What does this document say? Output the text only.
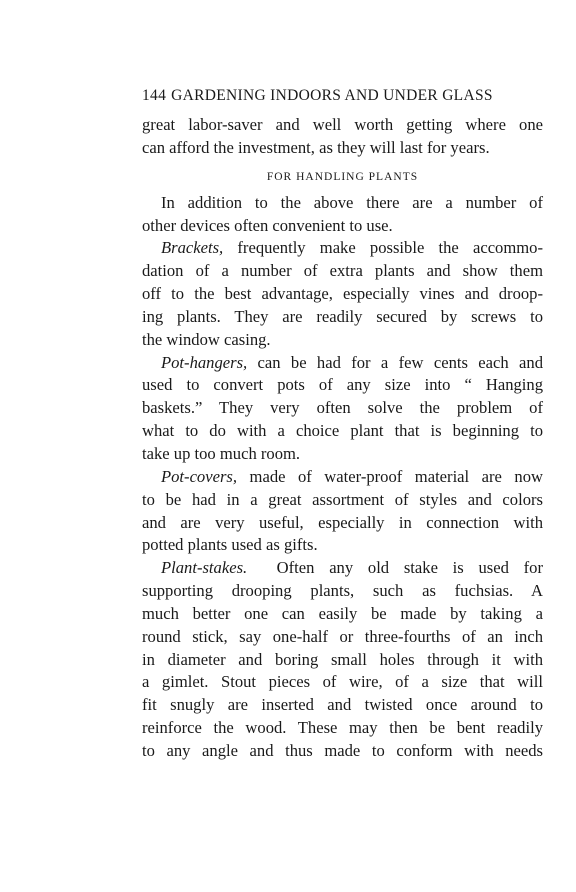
144 GARDENING INDOORS AND UNDER GLASS
great labor-saver and well worth getting where one
can afford the investment, as they will last for years.
FOR HANDLING PLANTS
In addition to the above there are a number of
other devices often convenient to use.
Brackets, frequently make possible the accommo-
dation of a number of extra plants and show them
off to the best advantage, especially vines and droop-
ing plants. They are readily secured by screws to
the window casing.
Pot-hangers, can be had for a few cents each and
used to convert pots of any size into “ Hanging
baskets.” They very often solve the problem of
what to do with a choice plant that is beginning to
take up too much room.
Pot-covers, made of water-proof material are now
to be had in a great assortment of styles and colors
and are very useful, especially in connection with
potted plants used as gifts.
Plant-stakes. Often any old stake is used for
supporting drooping plants, such as fuchsias. A
much better one can easily be made by taking a
round stick, say one-half or three-fourths of an inch
in diameter and boring small holes through it with
a gimlet. Stout pieces of wire, of a size that will
fit snugly are inserted and twisted once around to
reinforce the wood. These may then be bent readily
to any angle and thus made to conform with needs
